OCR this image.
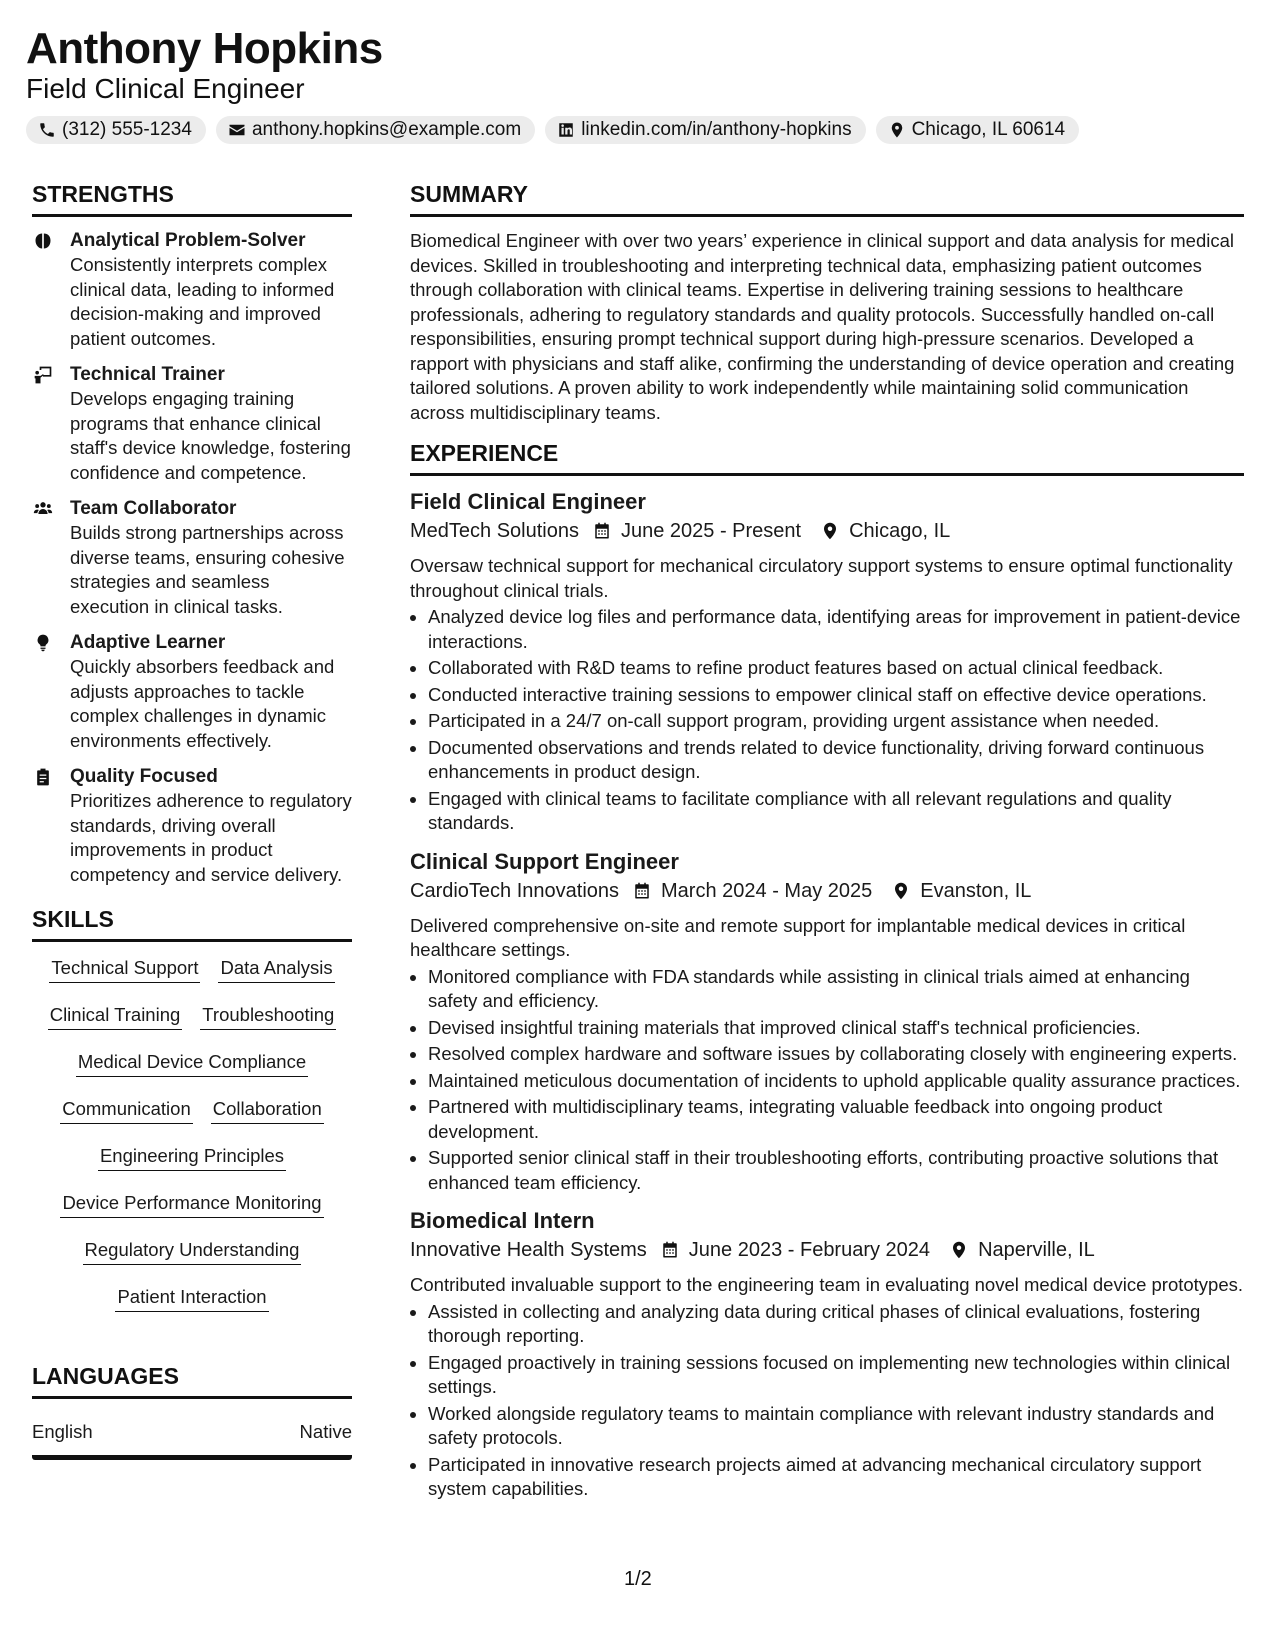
Anthony Hopkins
Field Clinical Engineer
(312) 555-1234	anthony.hopkins@example.com	linkedin.com/in/anthony-hopkins	Chicago, IL 60614
STRENGTHS
Analytical Problem-Solver
Consistently interprets complex clinical data, leading to informed decision-making and improved patient outcomes.
Technical Trainer
Develops engaging training programs that enhance clinical staff's device knowledge, fostering confidence and competence.
Team Collaborator
Builds strong partnerships across diverse teams, ensuring cohesive strategies and seamless execution in clinical tasks.
Adaptive Learner
Quickly absorbers feedback and adjusts approaches to tackle complex challenges in dynamic environments effectively.
Quality Focused
Prioritizes adherence to regulatory standards, driving overall improvements in product competency and service delivery.
SKILLS
Technical Support Data Analysis
Clinical Training Troubleshooting
Medical Device Compliance
Communication Collaboration
Engineering Principles
Device Performance Monitoring
Regulatory Understanding
Patient Interaction
LANGUAGES
English	Native
SUMMARY
Biomedical Engineer with over two years’ experience in clinical support and data analysis for medical devices. Skilled in troubleshooting and interpreting technical data, emphasizing patient outcomes through collaboration with clinical teams. Expertise in delivering training sessions to healthcare professionals, adhering to regulatory standards and quality protocols. Successfully handled on-call responsibilities, ensuring prompt technical support during high-pressure scenarios. Developed a rapport with physicians and staff alike, confirming the understanding of device operation and creating tailored solutions. A proven ability to work independently while maintaining solid communication across multidisciplinary teams.
EXPERIENCE
Field Clinical Engineer
MedTech Solutions June 2025 - Present Chicago, IL
Oversaw technical support for mechanical circulatory support systems to ensure optimal functionality throughout clinical trials.
• Analyzed device log files and performance data, identifying areas for improvement in patient-device interactions.
• Collaborated with R&D teams to refine product features based on actual clinical feedback.
• Conducted interactive training sessions to empower clinical staff on effective device operations.
• Participated in a 24/7 on-call support program, providing urgent assistance when needed.
• Documented observations and trends related to device functionality, driving forward continuous enhancements in product design.
• Engaged with clinical teams to facilitate compliance with all relevant regulations and quality standards.
Clinical Support Engineer
CardioTech Innovations March 2024 - May 2025 Evanston, IL
Delivered comprehensive on-site and remote support for implantable medical devices in critical healthcare settings.
• Monitored compliance with FDA standards while assisting in clinical trials aimed at enhancing safety and efficiency.
• Devised insightful training materials that improved clinical staff's technical proficiencies.
• Resolved complex hardware and software issues by collaborating closely with engineering experts.
• Maintained meticulous documentation of incidents to uphold applicable quality assurance practices.
• Partnered with multidisciplinary teams, integrating valuable feedback into ongoing product development.
• Supported senior clinical staff in their troubleshooting efforts, contributing proactive solutions that enhanced team efficiency.
Biomedical Intern
Innovative Health Systems June 2023 - February 2024 Naperville, IL
Contributed invaluable support to the engineering team in evaluating novel medical device prototypes.
• Assisted in collecting and analyzing data during critical phases of clinical evaluations, fostering thorough reporting.
• Engaged proactively in training sessions focused on implementing new technologies within clinical settings.
• Worked alongside regulatory teams to maintain compliance with relevant industry standards and safety protocols.
• Participated in innovative research projects aimed at advancing mechanical circulatory support system capabilities.
1/2
